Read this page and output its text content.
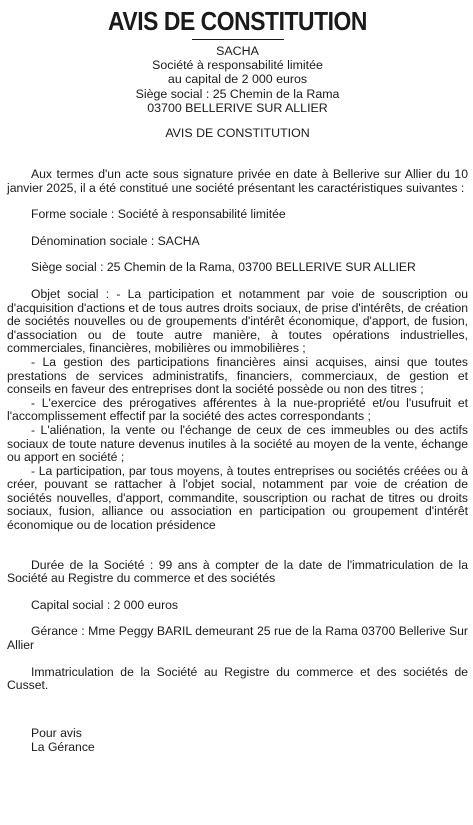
AVIS DE CONSTITUTION
SACHA
Société à responsabilité limitée
au capital de 2 000 euros
Siège social : 25 Chemin de la Rama
03700 BELLERIVE SUR ALLIER
AVIS DE CONSTITUTION

Aux termes d'un acte sous signature privée en date à Bellerive sur Allier du 10 janvier 2025, il a été constitué une société présentant les caractéristiques suivantes :

Forme sociale : Société à responsabilité limitée

Dénomination sociale : SACHA

Siège social : 25 Chemin de la Rama, 03700 BELLERIVE SUR ALLIER

Objet social : - La participation et notamment par voie de souscription ou d'acquisition d'actions et de tous autres droits sociaux, de prise d'intérêts, de création de sociétés nouvelles ou de groupements d'intérêt économique, d'apport, de fusion, d'association ou de toute autre manière, à toutes opérations industrielles, commerciales, financières, mobilières ou immobilières ;

- La gestion des participations financières ainsi acquises, ainsi que toutes prestations de services administratifs, financiers, commerciaux, de gestion et conseils en faveur des entreprises dont la société possède ou non des titres ;

- L'exercice des prérogatives afférentes à la nue-propriété et/ou l'usufruit et l'accomplissement effectif par la société des actes correspondants ;

- L'aliénation, la vente ou l'échange de ceux de ces immeubles ou des actifs sociaux de toute nature devenus inutiles à la société au moyen de la vente, échange ou apport en société ;

- La participation, par tous moyens, à toutes entreprises ou sociétés créées ou à créer, pouvant se rattacher à l'objet social, notamment par voie de création de sociétés nouvelles, d'apport, commandite, souscription ou rachat de titres ou droits sociaux, fusion, alliance ou association en participation ou groupement d'intérêt économique ou de location présidence

Durée de la Société : 99 ans à compter de la date de l'immatriculation de la Société au Registre du commerce et des sociétés

Capital social : 2 000 euros

Gérance : Mme Peggy BARIL demeurant 25 rue de la Rama 03700 Bellerive Sur Allier

Immatriculation de la Société au Registre du commerce et des sociétés de Cusset.

Pour avis
La Gérance
